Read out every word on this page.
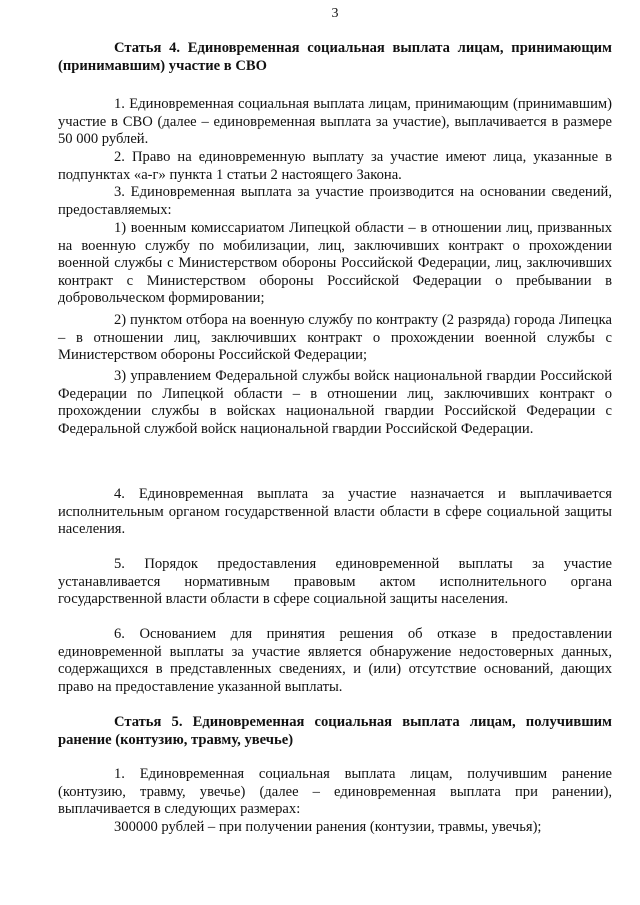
3

Статья 4. Единовременная социальная выплата лицам, принимающим (принимавшим) участие в СВО

1. Единовременная социальная выплата лицам, принимающим (принимавшим) участие в СВО (далее – единовременная выплата за участие), выплачивается в размере 50 000 рублей.

2. Право на единовременную выплату за участие имеют лица, указанные в подпунктах «а-г» пункта 1 статьи 2 настоящего Закона.

3. Единовременная выплата за участие производится на основании сведений, предоставляемых:

1) военным комиссариатом Липецкой области – в отношении лиц, призванных на военную службу по мобилизации, лиц, заключивших контракт о прохождении военной службы с Министерством обороны Российской Федерации, лиц, заключивших контракт с Министерством обороны Российской Федерации о пребывании в добровольческом формировании;

2) пунктом отбора на военную службу по контракту (2 разряда) города Липецка – в отношении лиц, заключивших контракт о прохождении военной службы с Министерством обороны Российской Федерации;

3) управлением Федеральной службы войск национальной гвардии Российской Федерации по Липецкой области – в отношении лиц, заключивших контракт о прохождении службы в войсках национальной гвардии Российской Федерации с Федеральной службой войск национальной гвардии Российской Федерации.

4. Единовременная выплата за участие назначается и выплачивается исполнительным органом государственной власти области в сфере социальной защиты населения.

5. Порядок предоставления единовременной выплаты за участие устанавливается нормативным правовым актом исполнительного органа государственной власти области в сфере социальной защиты населения.

6. Основанием для принятия решения об отказе в предоставлении единовременной выплаты за участие является обнаружение недостоверных данных, содержащихся в представленных сведениях, и (или) отсутствие оснований, дающих право на предоставление указанной выплаты.

Статья 5. Единовременная социальная выплата лицам, получившим ранение (контузию, травму, увечье)

1. Единовременная социальная выплата лицам, получившим ранение (контузию, травму, увечье) (далее – единовременная выплата при ранении), выплачивается в следующих размерах:

300000 рублей – при получении ранения (контузии, травмы, увечья);
